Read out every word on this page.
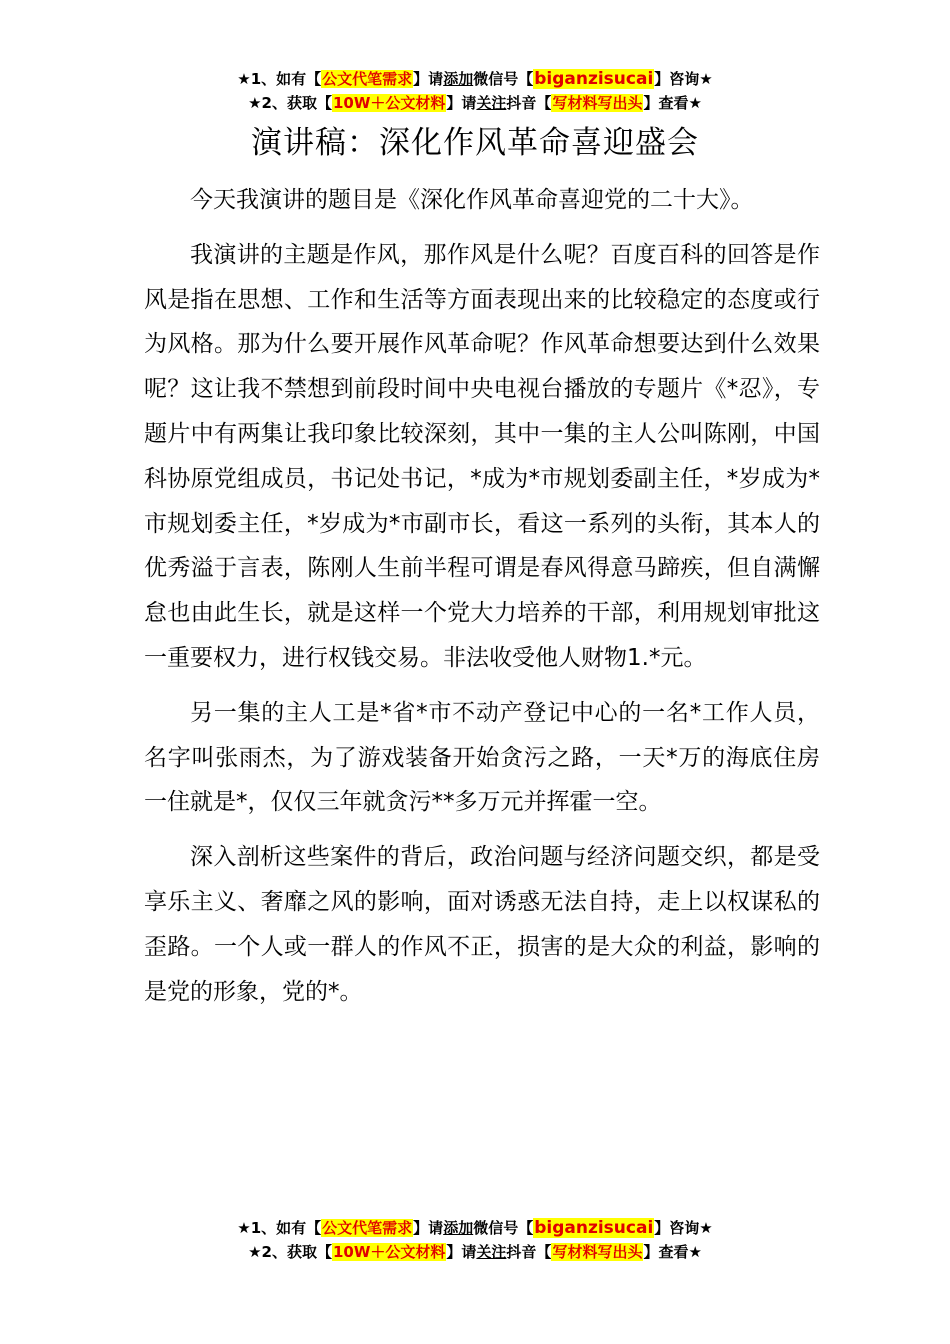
★1、如有【公文代笔需求】请添加微信号【biganzisucai】咨询★
★2、获取【10W＋公文材料】请关注抖音【写材料写出头】查看★
演讲稿：深化作风革命喜迎盛会

今天我演讲的题目是《深化作风革命喜迎党的二十大》。

我演讲的主题是作风，那作风是什么呢？百度百科的回答是作风是指在思想、工作和生活等方面表现出来的比较稳定的态度或行为风格。那为什么要开展作风革命呢？作风革命想要达到什么效果呢？这让我不禁想到前段时间中央电视台播放的专题片《*忍》，专题片中有两集让我印象比较深刻，其中一集的主人公叫陈刚，中国科协原党组成员，书记处书记，*成为*市规划委副主任，*岁成为*市规划委主任，*岁成为*市副市长，看这一系列的头衔，其本人的优秀溢于言表，陈刚人生前半程可谓是春风得意马蹄疾，但自满懈怠也由此生长，就是这样一个党大力培养的干部，利用规划审批这一重要权力，进行权钱交易。非法收受他人财物1.*元。

另一集的主人工是*省*市不动产登记中心的一名*工作人员，名字叫张雨杰，为了游戏装备开始贪污之路，一天*万的海底住房一住就是*，仅仅三年就贪污**多万元并挥霍一空。

深入剖析这些案件的背后，政治问题与经济问题交织，都是受享乐主义、奢靡之风的影响，面对诱惑无法自持，走上以权谋私的歪路。一个人或一群人的作风不正，损害的是大众的利益，影响的是党的形象，党的*。

★1、如有【公文代笔需求】请添加微信号【biganzisucai】咨询★
★2、获取【10W＋公文材料】请关注抖音【写材料写出头】查看★
